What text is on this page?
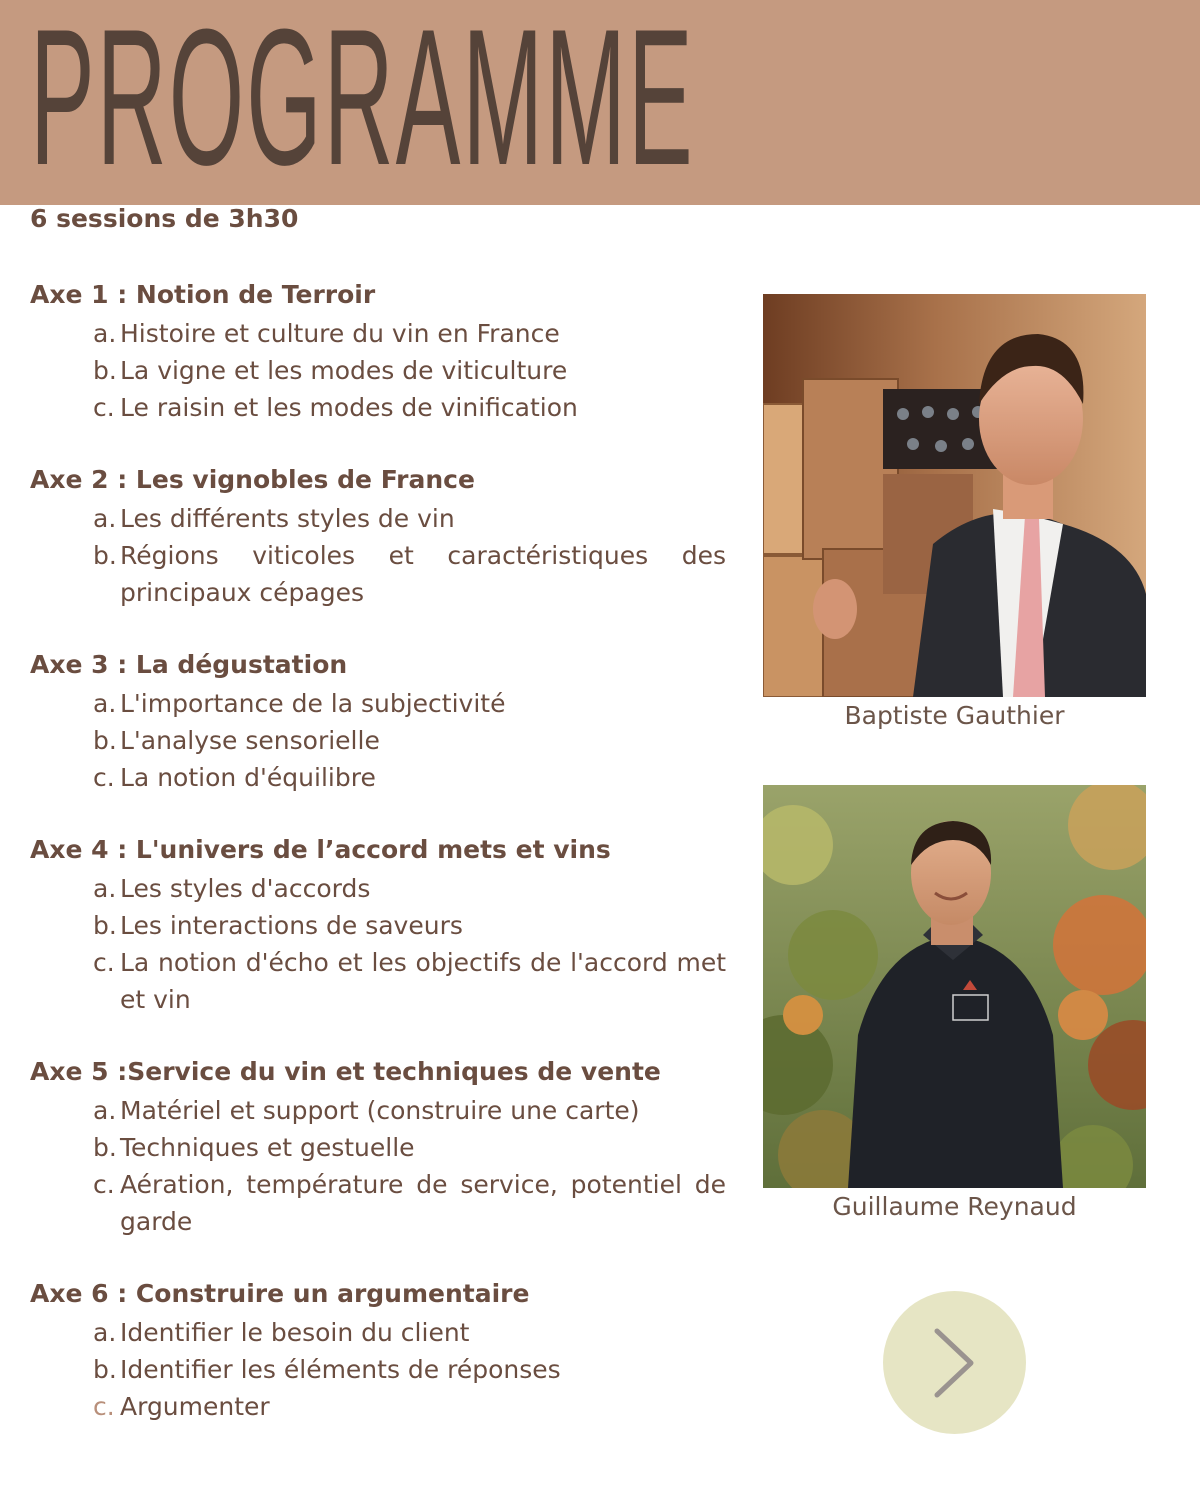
PROGRAMME
6 sessions de 3h30
Axe 1 : Notion de Terroir
a. Histoire et culture du vin en France
b. La vigne et les modes de viticulture
c. Le raisin et les modes de vinification
Axe 2 : Les vignobles de France
a. Les différents styles de vin
b. Régions viticoles et caractéristiques des principaux cépages
Axe 3 : La dégustation
a. L'importance de la subjectivité
b. L'analyse sensorielle
c. La notion d'équilibre
Axe 4 : L'univers de l’accord mets et vins
a. Les styles d'accords
b. Les interactions de saveurs
c. La notion d'écho et les objectifs de l'accord met et vin
Axe 5 :Service du vin et techniques de vente
a. Matériel et support (construire une carte)
b. Techniques et gestuelle
c. Aération, température de service, potentiel de garde
Axe 6 : Construire un argumentaire
a. Identifier le besoin du client
b. Identifier les éléments de réponses
c. Argumenter
Baptiste Gauthier
Guillaume Reynaud
